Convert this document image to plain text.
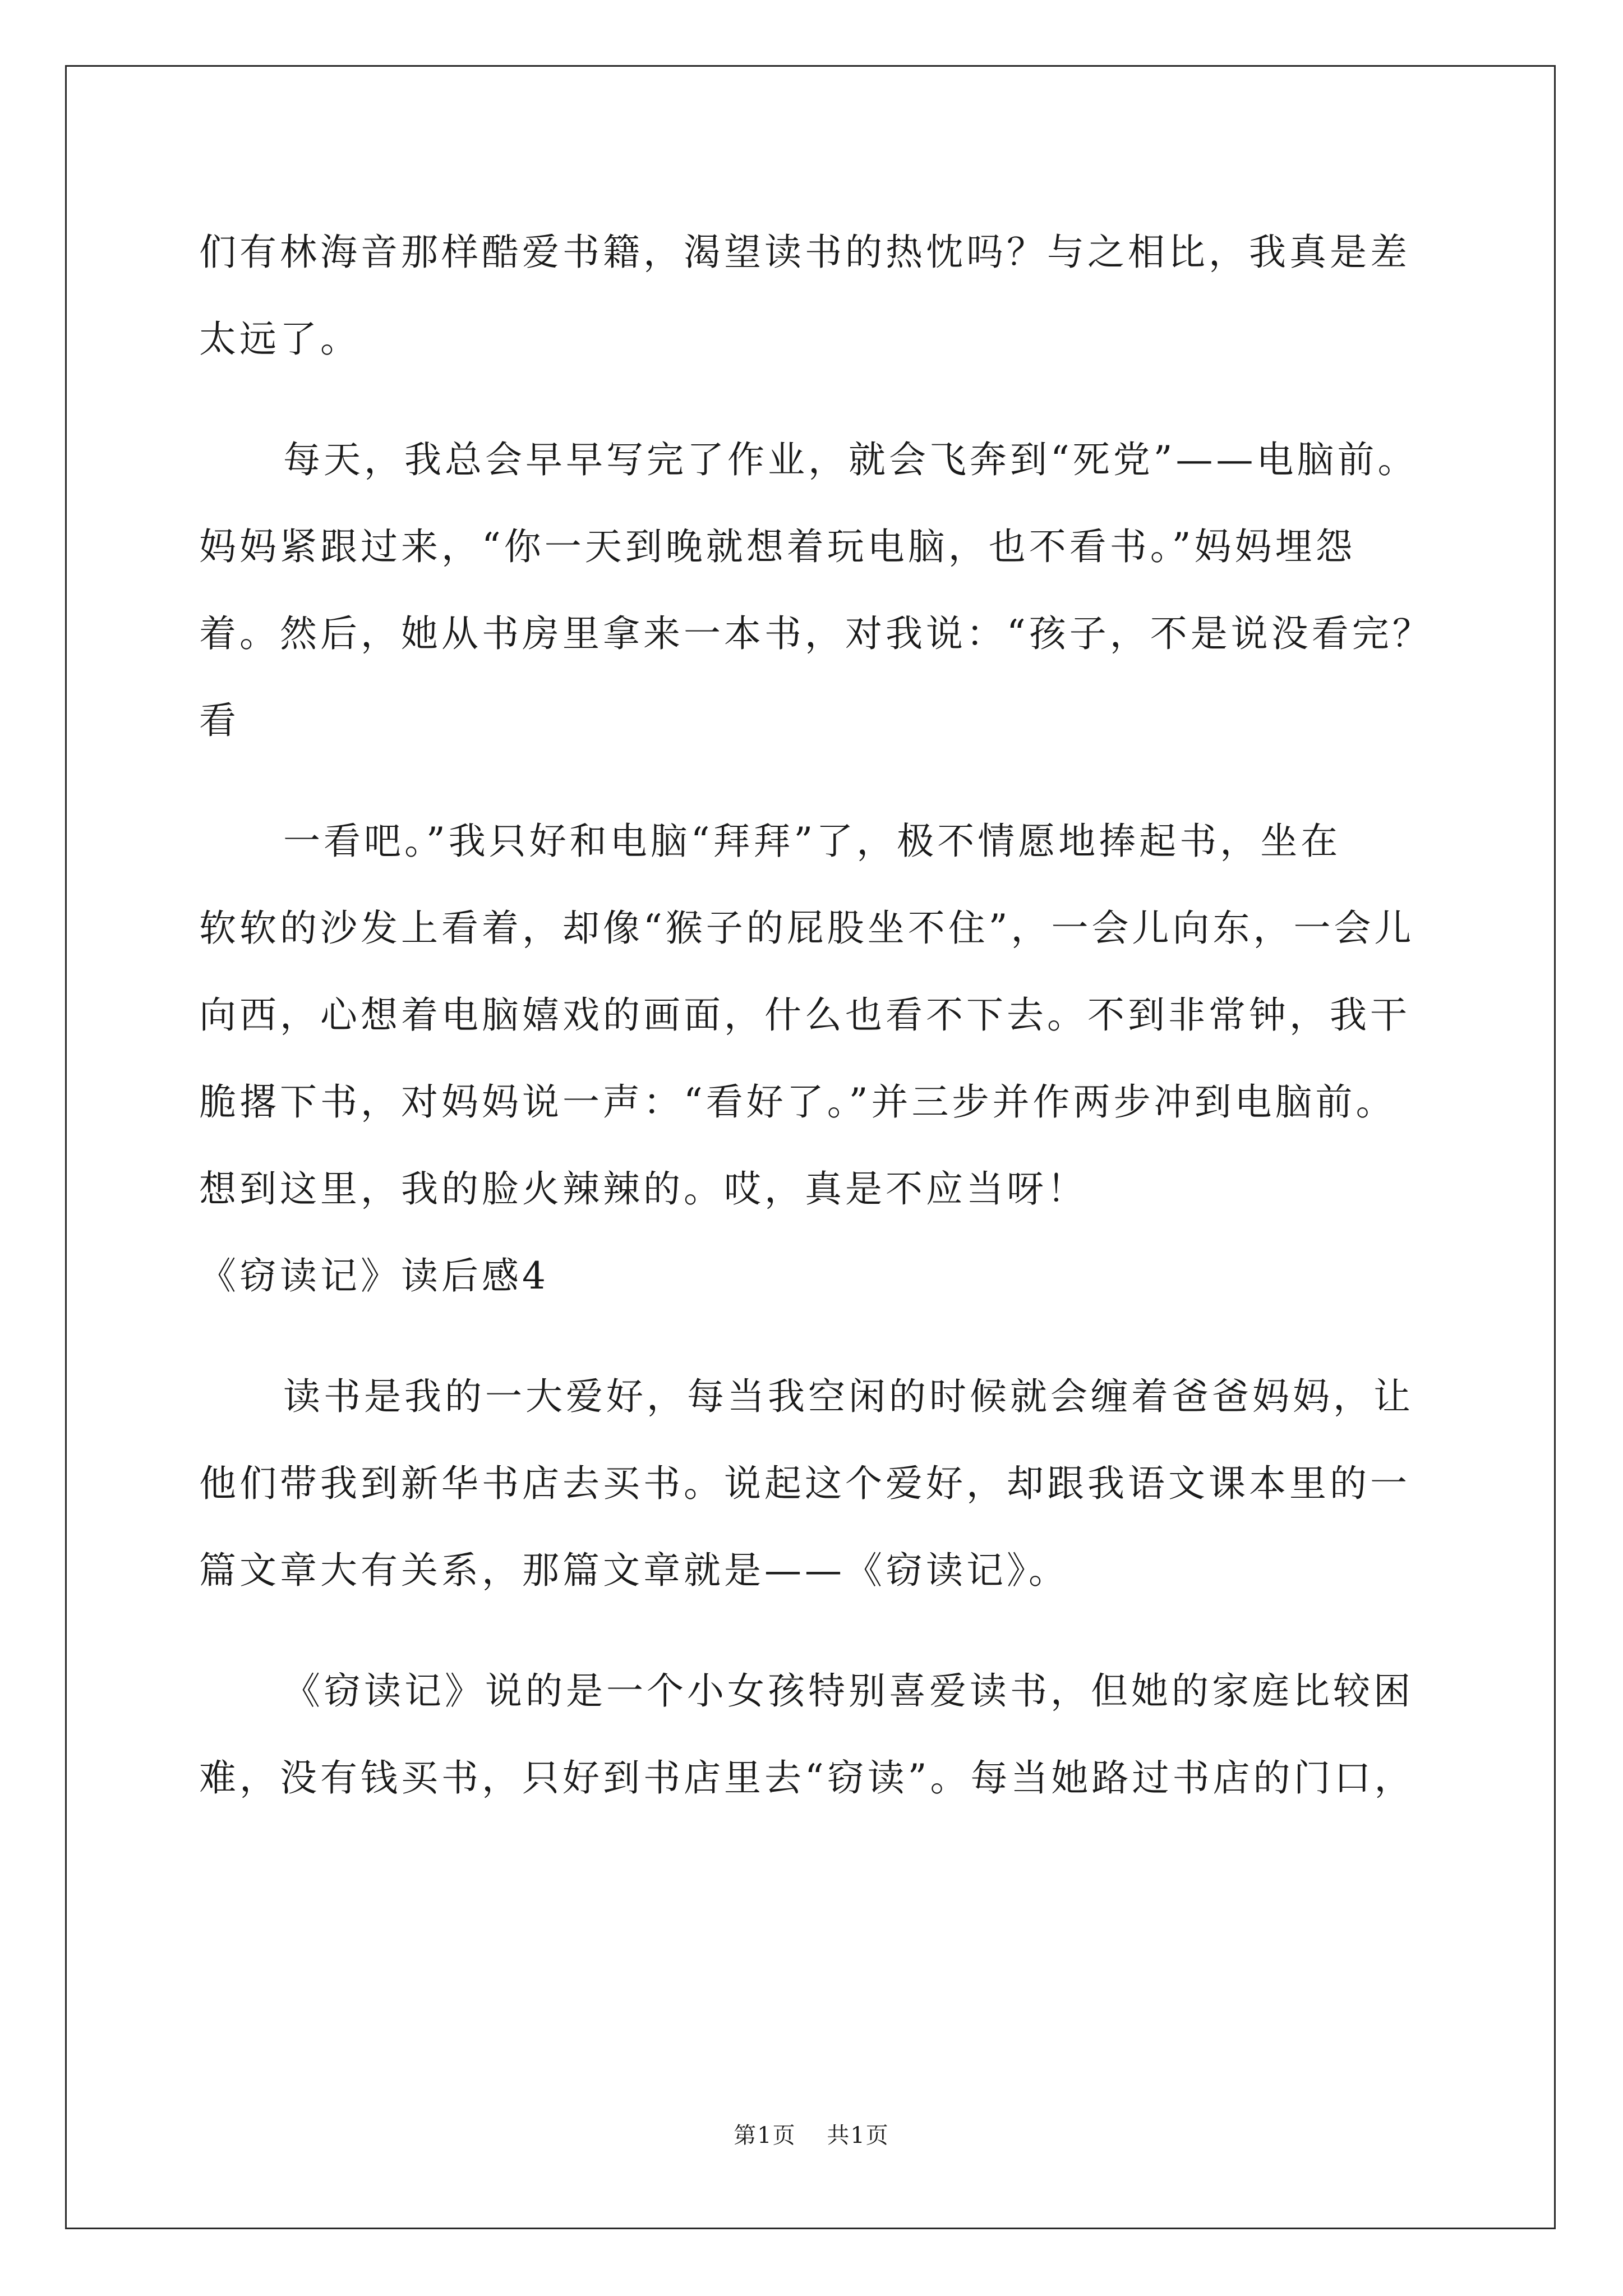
们有林海音那样酷爱书籍，渴望读书的热忱吗？与之相比，我真是差
太远了。
每天，我总会早早写完了作业，就会飞奔到“死党”——电脑前。
妈妈紧跟过来，“你一天到晚就想着玩电脑，也不看书。”妈妈埋怨
着。然后，她从书房里拿来一本书，对我说：“孩子，不是说没看完？
看
一看吧。”我只好和电脑“拜拜”了，极不情愿地捧起书，坐在
软软的沙发上看着，却像“猴子的屁股坐不住”，一会儿向东，一会儿
向西，心想着电脑嬉戏的画面，什么也看不下去。不到非常钟，我干
脆撂下书，对妈妈说一声：“看好了。”并三步并作两步冲到电脑前。
想到这里，我的脸火辣辣的。哎，真是不应当呀！
《窃读记》读后感4
读书是我的一大爱好，每当我空闲的时候就会缠着爸爸妈妈，让
他们带我到新华书店去买书。说起这个爱好，却跟我语文课本里的一
篇文章大有关系，那篇文章就是——《窃读记》。
《窃读记》说的是一个小女孩特别喜爱读书，但她的家庭比较困
难，没有钱买书，只好到书店里去“窃读”。每当她路过书店的门口，
第1页 共1页
